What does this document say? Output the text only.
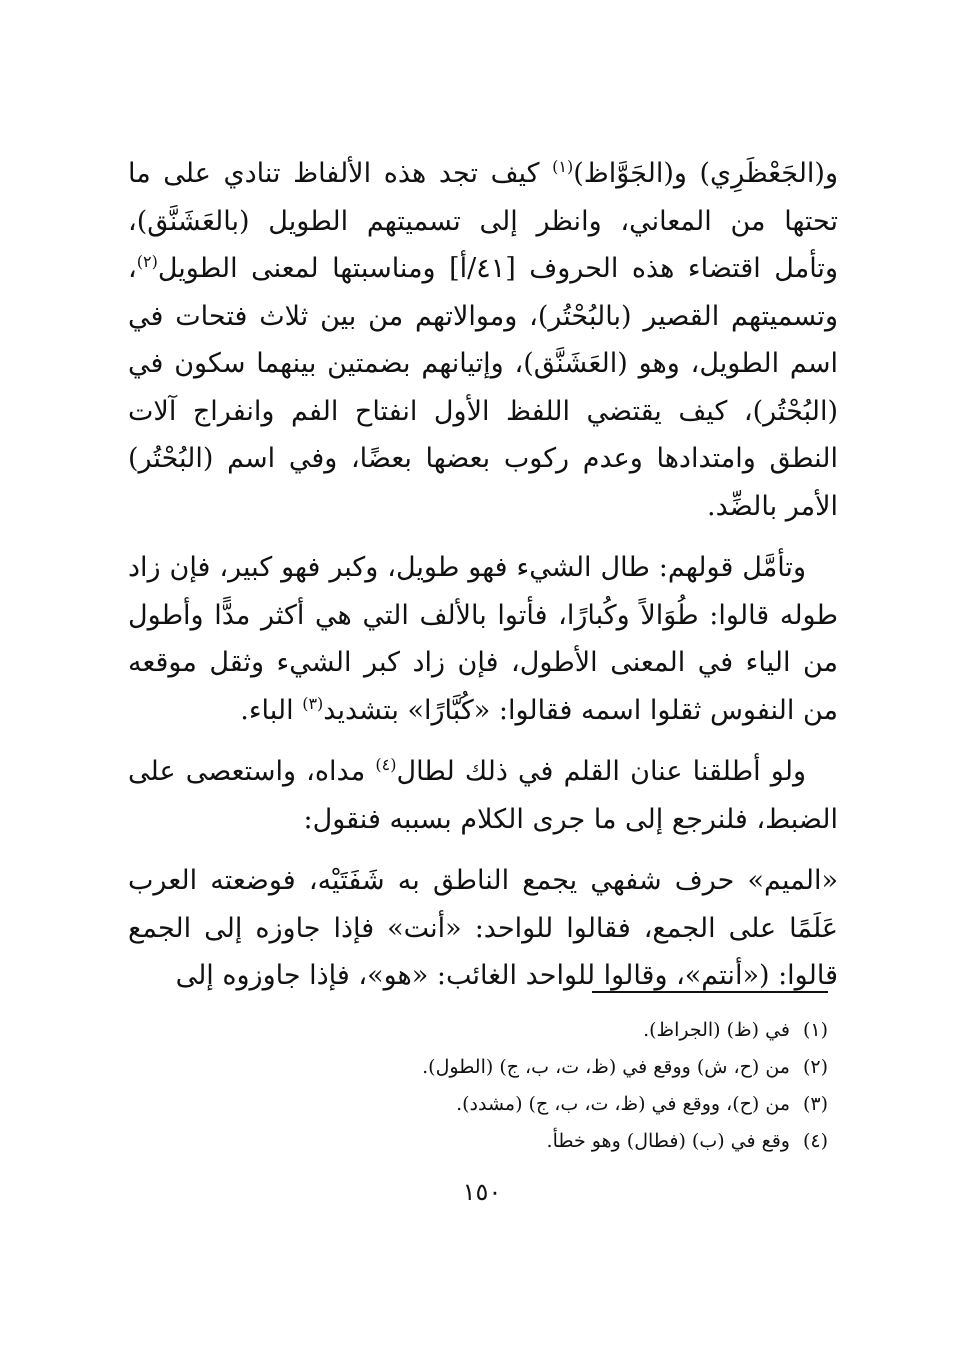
و(الجَعْظَرِي) و(الجَوَّاظ)$^{(١)}$ كيف تجد هذه الألفاظ تنادي على ما تحتها من المعاني، وانظر إلى تسميتهم الطويل (بالعَشَنَّق)، وتأمل اقتضاء هذه الحروف [٤١/أ] ومناسبتها لمعنى الطويل$^{(٢)}$، وتسميتهم القصير (بالبُحْتُر)، وموالاتهم من بين ثلاث فتحات في اسم الطويل، وهو (العَشَنَّق)، وإتيانهم بضمتين بينهما سكون في (البُحْتُر)، كيف يقتضي اللفظ الأول انفتاح الفم وانفراج آلات النطق وامتدادها وعدم ركوب بعضها بعضًا، وفي اسم (البُحْتُر) الأمر بالضِّد.

وتأمَّل قولهم: طال الشيء فهو طويل، وكبر فهو كبير، فإن زاد طوله قالوا: طُوَالاً وكُبارًا، فأتوا بالألف التي هي أكثر مدًّا وأطول من الياء في المعنى الأطول، فإن زاد كبر الشيء وثقل موقعه من النفوس ثقلوا اسمه فقالوا: «كُبَّارًا» بتشديد$^{(٣)}$ الباء.

ولو أطلقنا عنان القلم في ذلك لطال$^{(٤)}$ مداه، واستعصى على الضبط، فلنرجع إلى ما جرى الكلام بسببه فنقول:

«الميم» حرف شفهي يجمع الناطق به شَفَتَيْه، فوضعته العرب عَلَمًا على الجمع، فقالوا للواحد: «أنت» فإذا جاوزه إلى الجمع قالوا: («أنتم»، وقالوا للواحد الغائب: «هو»، فإذا جاوزوه إلى

(١)
في (ظ) (الجراظ).
(٢)
من (ح، ش) ووقع في (ظ، ت، ب، ج) (الطول).
(٣)
من (ح)، ووقع في (ظ، ت، ب، ج) (مشدد).
(٤)
وقع في (ب) (فطال) وهو خطأ.
١٥٠
